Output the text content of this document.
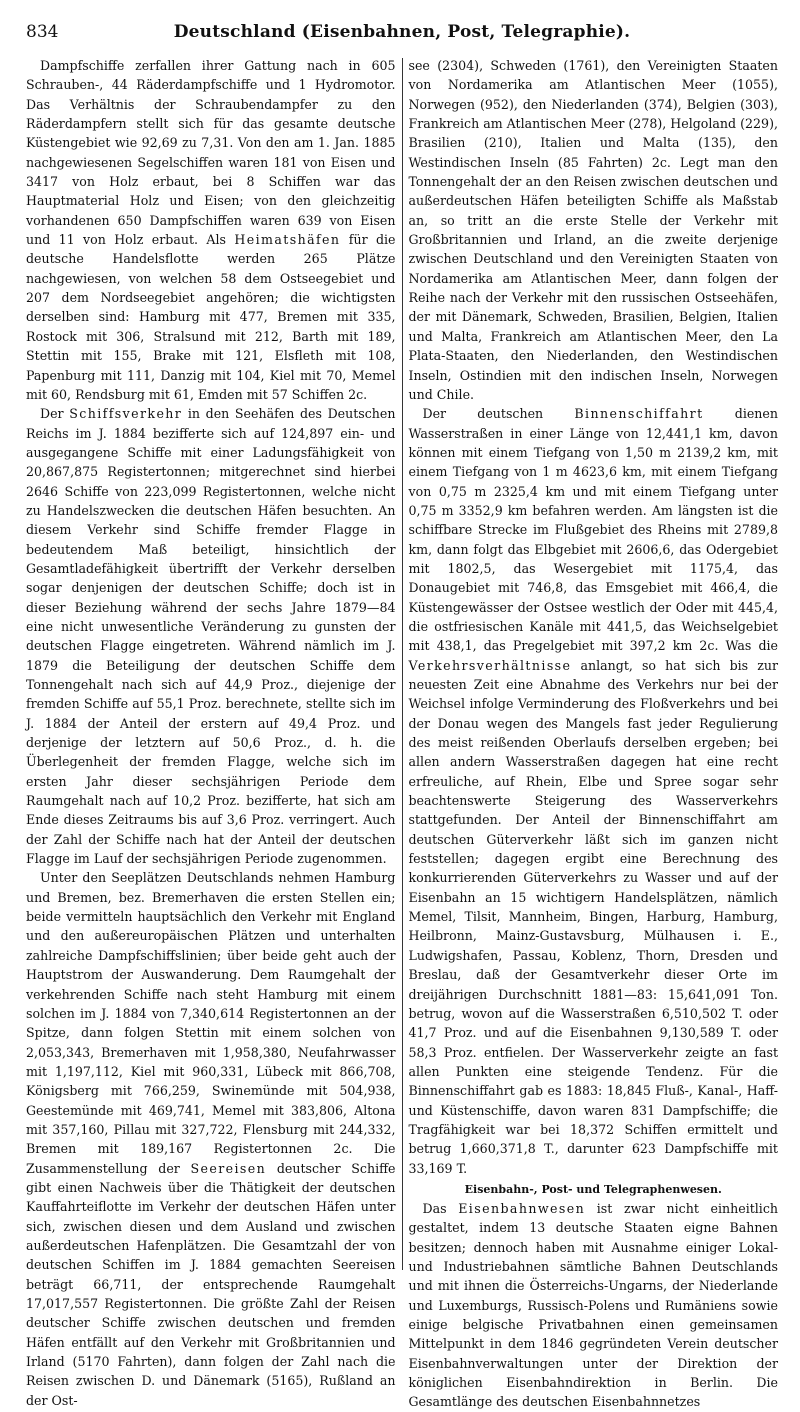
834	Deutschland (Eisenbahnen, Post, Telegraphie).

Dampfschiffe zerfallen ihrer Gattung nach in 605 Schrauben-, 44 Räderdampfschiffe und 1 Hydromotor. Das Verhältnis der Schraubendampfer zu den Räderdampfern stellt sich für das gesamte deutsche Küstengebiet wie 92,69 zu 7,31. Von den am 1. Jan. 1885 nachgewiesenen Segelschiffen waren 181 von Eisen und 3417 von Holz erbaut, bei 8 Schiffen war das Hauptmaterial Holz und Eisen; von den gleichzeitig vorhandenen 650 Dampfschiffen waren 639 von Eisen und 11 von Holz erbaut. Als Heimatshäfen für die deutsche Handelsflotte werden 265 Plätze nachgewiesen, von welchen 58 dem Ostseegebiet und 207 dem Nordseegebiet angehören; die wichtigsten derselben sind: Hamburg mit 477, Bremen mit 335, Rostock mit 306, Stralsund mit 212, Barth mit 189, Stettin mit 155, Brake mit 121, Elsfleth mit 108, Papenburg mit 111, Danzig mit 104, Kiel mit 70, Memel mit 60, Rendsburg mit 61, Emden mit 57 Schiffen 2c.

Der Schiffsverkehr in den Seehäfen des Deutschen Reichs im J. 1884 bezifferte sich auf 124,897 ein- und ausgegangene Schiffe mit einer Ladungsfähigkeit von 20,867,875 Registertonnen; mitgerechnet sind hierbei 2646 Schiffe von 223,099 Registertonnen, welche nicht zu Handelszwecken die deutschen Häfen besuchten. An diesem Verkehr sind Schiffe fremder Flagge in bedeutendem Maß beteiligt, hinsichtlich der Gesamtladefähigkeit übertrifft der Verkehr derselben sogar denjenigen der deutschen Schiffe; doch ist in dieser Beziehung während der sechs Jahre 1879—84 eine nicht unwesentliche Veränderung zu gunsten der deutschen Flagge eingetreten. Während nämlich im J. 1879 die Beteiligung der deutschen Schiffe dem Tonnengehalt nach sich auf 44,9 Proz., diejenige der fremden Schiffe auf 55,1 Proz. berechnete, stellte sich im J. 1884 der Anteil der erstern auf 49,4 Proz. und derjenige der letztern auf 50,6 Proz., d. h. die Überlegenheit der fremden Flagge, welche sich im ersten Jahr dieser sechsjährigen Periode dem Raumgehalt nach auf 10,2 Proz. bezifferte, hat sich am Ende dieses Zeitraums bis auf 3,6 Proz. verringert. Auch der Zahl der Schiffe nach hat der Anteil der deutschen Flagge im Lauf der sechsjährigen Periode zugenommen.

Unter den Seeplätzen Deutschlands nehmen Hamburg und Bremen, bez. Bremerhaven die ersten Stellen ein; beide vermitteln hauptsächlich den Verkehr mit England und den außereuropäischen Plätzen und unterhalten zahlreiche Dampfschiffslinien; über beide geht auch der Hauptstrom der Auswanderung. Dem Raumgehalt der verkehrenden Schiffe nach steht Hamburg mit einem solchen im J. 1884 von 7,340,614 Registertonnen an der Spitze, dann folgen Stettin mit einem solchen von 2,053,343, Bremerhaven mit 1,958,380, Neufahrwasser mit 1,197,112, Kiel mit 960,331, Lübeck mit 866,708, Königsberg mit 766,259, Swinemünde mit 504,938, Geestemünde mit 469,741, Memel mit 383,806, Altona mit 357,160, Pillau mit 327,722, Flensburg mit 244,332, Bremen mit 189,167 Registertonnen 2c. Die Zusammenstellung der Seereisen deutscher Schiffe gibt einen Nachweis über die Thätigkeit der deutschen Kauffahrteiflotte im Verkehr der deutschen Häfen unter sich, zwischen diesen und dem Ausland und zwischen außerdeutschen Hafenplätzen. Die Gesamtzahl der von deutschen Schiffen im J. 1884 gemachten Seereisen beträgt 66,711, der entsprechende Raumgehalt 17,017,557 Registertonnen. Die größte Zahl der Reisen deutscher Schiffe zwischen deutschen und fremden Häfen entfällt auf den Verkehr mit Großbritannien und Irland (5170 Fahrten), dann folgen der Zahl nach die Reisen zwischen D. und Dänemark (5165), Rußland an der Ost-

see (2304), Schweden (1761), den Vereinigten Staaten von Nordamerika am Atlantischen Meer (1055), Norwegen (952), den Niederlanden (374), Belgien (303), Frankreich am Atlantischen Meer (278), Helgoland (229), Brasilien (210), Italien und Malta (135), den Westindischen Inseln (85 Fahrten) 2c. Legt man den Tonnengehalt der an den Reisen zwischen deutschen und außerdeutschen Häfen beteiligten Schiffe als Maßstab an, so tritt an die erste Stelle der Verkehr mit Großbritannien und Irland, an die zweite derjenige zwischen Deutschland und den Vereinigten Staaten von Nordamerika am Atlantischen Meer, dann folgen der Reihe nach der Verkehr mit den russischen Ostseehäfen, der mit Dänemark, Schweden, Brasilien, Belgien, Italien und Malta, Frankreich am Atlantischen Meer, den La Plata-Staaten, den Niederlanden, den Westindischen Inseln, Ostindien mit den indischen Inseln, Norwegen und Chile.

Der deutschen Binnenschiffahrt dienen Wasserstraßen in einer Länge von 12,441,1 km, davon können mit einem Tiefgang von 1,50 m 2139,2 km, mit einem Tiefgang von 1 m 4623,6 km, mit einem Tiefgang von 0,75 m 2325,4 km und mit einem Tiefgang unter 0,75 m 3352,9 km befahren werden. Am längsten ist die schiffbare Strecke im Flußgebiet des Rheins mit 2789,8 km, dann folgt das Elbgebiet mit 2606,6, das Odergebiet mit 1802,5, das Wesergebiet mit 1175,4, das Donaugebiet mit 746,8, das Emsgebiet mit 466,4, die Küstengewässer der Ostsee westlich der Oder mit 445,4, die ostfriesischen Kanäle mit 441,5, das Weichselgebiet mit 438,1, das Pregelgebiet mit 397,2 km 2c. Was die Verkehrsverhältnisse anlangt, so hat sich bis zur neuesten Zeit eine Abnahme des Verkehrs nur bei der Weichsel infolge Verminderung des Floßverkehrs und bei der Donau wegen des Mangels fast jeder Regulierung des meist reißenden Oberlaufs derselben ergeben; bei allen andern Wasserstraßen dagegen hat eine recht erfreuliche, auf Rhein, Elbe und Spree sogar sehr beachtenswerte Steigerung des Wasserverkehrs stattgefunden. Der Anteil der Binnenschiffahrt am deutschen Güterverkehr läßt sich im ganzen nicht feststellen; dagegen ergibt eine Berechnung des konkurrierenden Güterverkehrs zu Wasser und auf der Eisenbahn an 15 wichtigern Handelsplätzen, nämlich Memel, Tilsit, Mannheim, Bingen, Harburg, Hamburg, Heilbronn, Mainz-Gustavsburg, Mülhausen i. E., Ludwigshafen, Passau, Koblenz, Thorn, Dresden und Breslau, daß der Gesamtverkehr dieser Orte im dreijährigen Durchschnitt 1881—83: 15,641,091 Ton. betrug, wovon auf die Wasserstraßen 6,510,502 T. oder 41,7 Proz. und auf die Eisenbahnen 9,130,589 T. oder 58,3 Proz. entfielen. Der Wasserverkehr zeigte an fast allen Punkten eine steigende Tendenz. Für die Binnenschiffahrt gab es 1883: 18,845 Fluß-, Kanal-, Haff- und Küstenschiffe, davon waren 831 Dampfschiffe; die Tragfähigkeit war bei 18,372 Schiffen ermittelt und betrug 1,660,371,8 T., darunter 623 Dampfschiffe mit 33,169 T.

Eisenbahn-, Post- und Telegraphenwesen.

Das Eisenbahnwesen ist zwar nicht einheitlich gestaltet, indem 13 deutsche Staaten eigne Bahnen besitzen; dennoch haben mit Ausnahme einiger Lokal- und Industriebahnen sämtliche Bahnen Deutschlands und mit ihnen die Österreichs-Ungarns, der Niederlande und Luxemburgs, Russisch-Polens und Rumäniens sowie einige belgische Privatbahnen einen gemeinsamen Mittelpunkt in dem 1846 gegründeten Verein deutscher Eisenbahnverwaltungen unter der Direktion der königlichen Eisenbahndirektion in Berlin. Die Gesamtlänge des deutschen Eisenbahnnetzes
